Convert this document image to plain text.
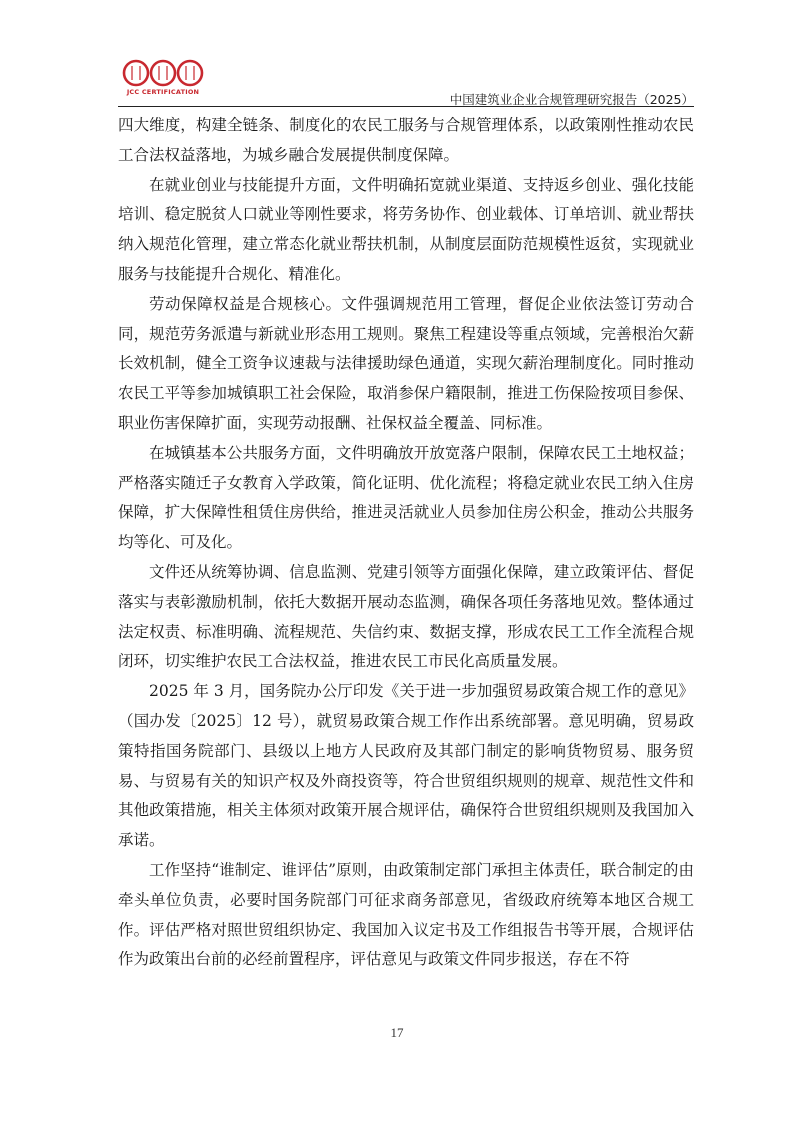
JCC CERTIFICATION	中国建筑业企业合规管理研究报告（2025）

四大维度，构建全链条、制度化的农民工服务与合规管理体系，以政策刚性推动农民工合法权益落地，为城乡融合发展提供制度保障。

在就业创业与技能提升方面，文件明确拓宽就业渠道、支持返乡创业、强化技能培训、稳定脱贫人口就业等刚性要求，将劳务协作、创业载体、订单培训、就业帮扶纳入规范化管理，建立常态化就业帮扶机制，从制度层面防范规模性返贫，实现就业服务与技能提升合规化、精准化。

劳动保障权益是合规核心。文件强调规范用工管理，督促企业依法签订劳动合同，规范劳务派遣与新就业形态用工规则。聚焦工程建设等重点领域，完善根治欠薪长效机制，健全工资争议速裁与法律援助绿色通道，实现欠薪治理制度化。同时推动农民工平等参加城镇职工社会保险，取消参保户籍限制，推进工伤保险按项目参保、职业伤害保障扩面，实现劳动报酬、社保权益全覆盖、同标准。

在城镇基本公共服务方面，文件明确放开放宽落户限制，保障农民工土地权益；严格落实随迁子女教育入学政策，简化证明、优化流程；将稳定就业农民工纳入住房保障，扩大保障性租赁住房供给，推进灵活就业人员参加住房公积金，推动公共服务均等化、可及化。

文件还从统筹协调、信息监测、党建引领等方面强化保障，建立政策评估、督促落实与表彰激励机制，依托大数据开展动态监测，确保各项任务落地见效。整体通过法定权责、标准明确、流程规范、失信约束、数据支撑，形成农民工工作全流程合规闭环，切实维护农民工合法权益，推进农民工市民化高质量发展。

2025 年 3 月，国务院办公厅印发《关于进一步加强贸易政策合规工作的意见》（国办发〔2025〕12 号），就贸易政策合规工作作出系统部署。意见明确，贸易政策特指国务院部门、县级以上地方人民政府及其部门制定的影响货物贸易、服务贸易、与贸易有关的知识产权及外商投资等，符合世贸组织规则的规章、规范性文件和其他政策措施，相关主体须对政策开展合规评估，确保符合世贸组织规则及我国加入承诺。

工作坚持“谁制定、谁评估”原则，由政策制定部门承担主体责任，联合制定的由牵头单位负责，必要时国务院部门可征求商务部意见，省级政府统筹本地区合规工作。评估严格对照世贸组织协定、我国加入议定书及工作组报告书等开展，合规评估作为政策出台前的必经前置程序，评估意见与政策文件同步报送，存在不符

17
